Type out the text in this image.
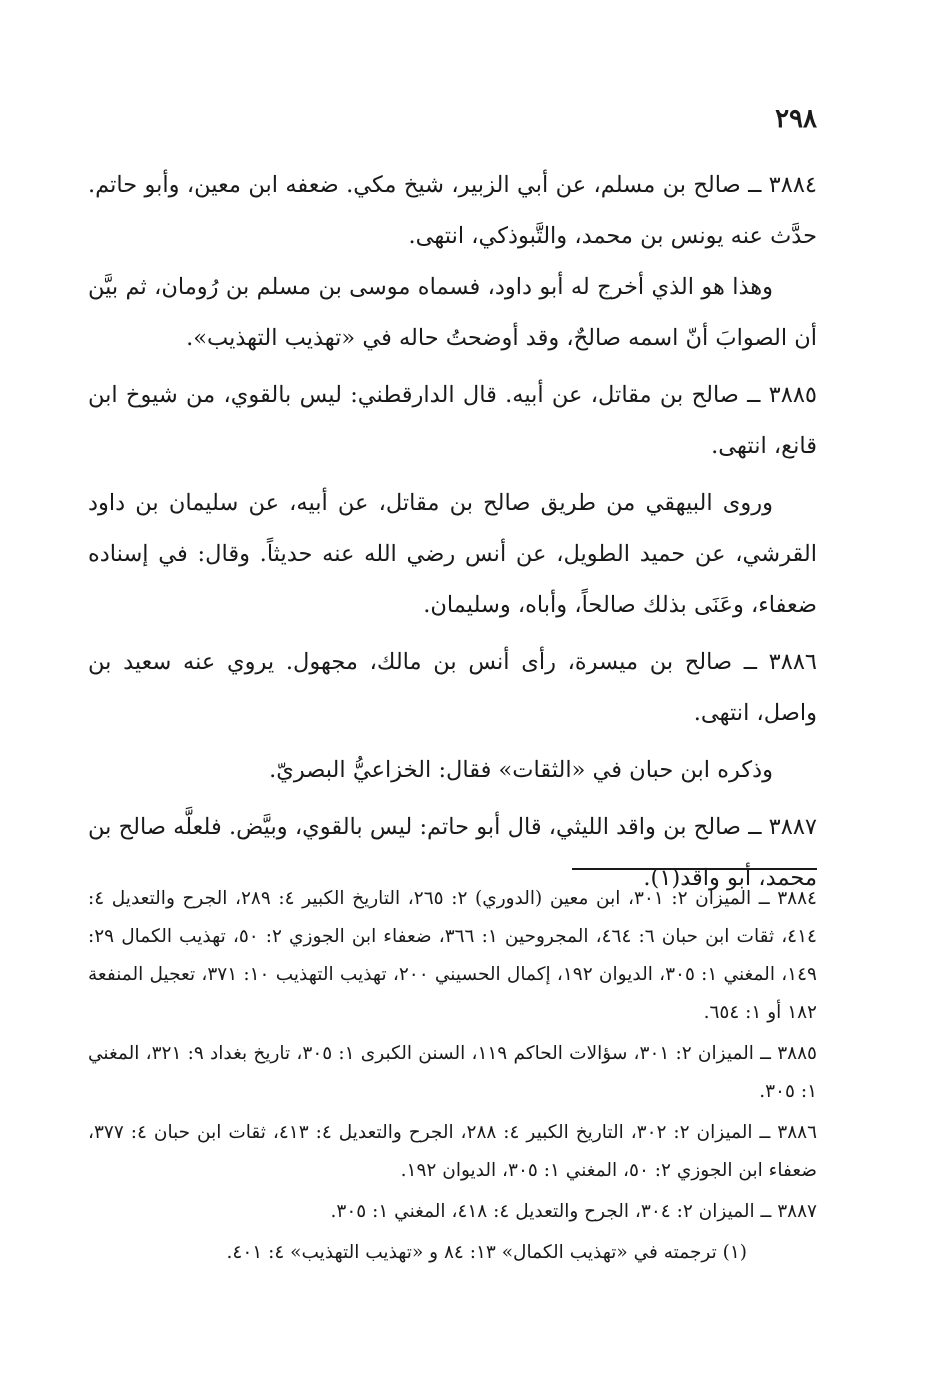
٢٩٨

٣٨٨٤ ــ صالح بن مسلم، عن أبي الزبير، شيخ مكي. ضعفه ابن معين، وأبو حاتم. حدَّث عنه يونس بن محمد، والتَّبوذكي، انتهى.

وهذا هو الذي أخرج له أبو داود، فسماه موسى بن مسلم بن رُومان، ثم بيَّن أن الصوابَ أنّ اسمه صالحٌ، وقد أوضحتُ حاله في «تهذيب التهذيب».

٣٨٨٥ ــ صالح بن مقاتل، عن أبيه. قال الدارقطني: ليس بالقوي، من شيوخ ابن قانع، انتهى.

وروى البيهقي من طريق صالح بن مقاتل، عن أبيه، عن سليمان بن داود القرشي، عن حميد الطويل، عن أنس رضي الله عنه حديثاً. وقال: في إسناده ضعفاء، وعَنَى بذلك صالحاً، وأباه، وسليمان.

٣٨٨٦ ــ صالح بن ميسرة، رأى أنس بن مالك، مجهول. يروي عنه سعيد بن واصل، انتهى.

وذكره ابن حبان في «الثقات» فقال: الخزاعيُّ البصريّ.

٣٨٨٧ ــ صالح بن واقد الليثي، قال أبو حاتم: ليس بالقوي، وبيَّض. فلعلَّه صالح بن محمد، أبو واقد(١).

٣٨٨٤ ــ الميزان ٢: ٣٠١، ابن معين (الدوري) ٢: ٢٦٥، التاريخ الكبير ٤: ٢٨٩، الجرح والتعديل ٤: ٤١٤، ثقات ابن حبان ٦: ٤٦٤، المجروحين ١: ٣٦٦، ضعفاء ابن الجوزي ٢: ٥٠، تهذيب الكمال ٢٩: ١٤٩، المغني ١: ٣٠٥، الديوان ١٩٢، إكمال الحسيني ٢٠٠، تهذيب التهذيب ١٠: ٣٧١، تعجيل المنفعة ١٨٢ أو ١: ٦٥٤.

٣٨٨٥ ــ الميزان ٢: ٣٠١، سؤالات الحاكم ١١٩، السنن الكبرى ١: ٣٠٥، تاريخ بغداد ٩: ٣٢١، المغني ١: ٣٠٥.

٣٨٨٦ ــ الميزان ٢: ٣٠٢، التاريخ الكبير ٤: ٢٨٨، الجرح والتعديل ٤: ٤١٣، ثقات ابن حبان ٤: ٣٧٧، ضعفاء ابن الجوزي ٢: ٥٠، المغني ١: ٣٠٥، الديوان ١٩٢.

٣٨٨٧ ــ الميزان ٢: ٣٠٤، الجرح والتعديل ٤: ٤١٨، المغني ١: ٣٠٥.

(١) ترجمته في «تهذيب الكمال» ١٣: ٨٤ و «تهذيب التهذيب» ٤: ٤٠١.
